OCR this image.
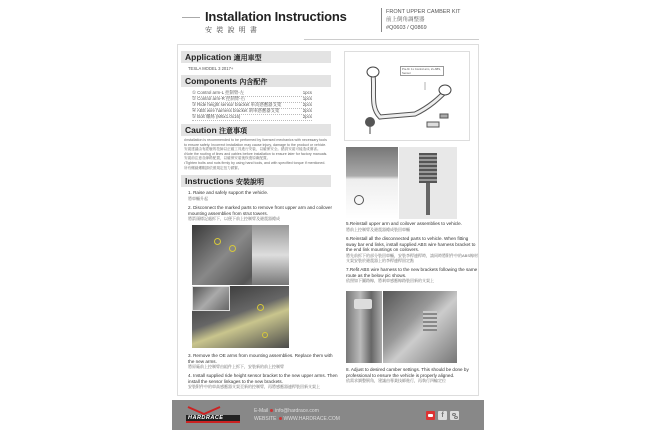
Installation Instructions
安 裝 說 明 書
FRONT UPPER CAMBER KIT
前上倒角調整器
#Q0603 / Q0869
Application 適用車型
TESLA MODEL 3 2017+
Components 內含配件
① Control arm-L 控制臂-左	1pcs
② Control arm-R 控制臂-右	1pcs
③ Ride height sensor bracket 車高感應器支架	2pcs
④ ABS wire harness bracket 剎車感應器支架	2pcs
⑤ Bolt 螺絲 (M6x1.0x16)	2pcs
Caution 注意事項
•Installation is recommended to be performed by licensed mechanics with necessary tools
to ensure safety. Incorrect installation may cause injury, damage to the product or vehicle.
安裝建議由有經驗的技師以正確工具進行安裝，以確保安全。錯誤安裝可能造成傷害。
•Note the routing of lines and cables before installation to ensure later for factory manuals.
安裝前注意各線路配置，以確保安裝後恢復原廠配置。
•Tighten bolts and nuts firmly by using hand tools, and with specified torque if mentioned.
所有螺絲螺帽請依照規定扭力鎖緊。
Instructions 安裝說明
1. Raise and safely support the vehicle.
將車輛升起
2. Disconnect the marked parts to remove front upper arm and coilover mounting assemblies from strut towers.
將箭頭標記處拆下，以便下前上控制臂及避震器總成
3. Remove the OE arms from mounting assemblies. Replace them with the new arms.
將原廠前上控制臂由組件上拆下，安裝新的前上控制臂
4. Install supplied ride height sensor bracket to the new upper arms. Then install the sensor linkages to the new brackets.
安裝附件中的車高感應器支架至新的控制臂，再將感應器連桿裝回新支架上
Pre-fit: 1x Control arm, 2x ABS, Sensor
5.Reinstall upper arm and coilover assemblies to vehicle.
將前上控制臂及避震器總成裝回車輛
6.Reinstall all the disconnected parts to vehicle. When fitting sway bar end links, install supplied ABS wire harness bracket to the end link mountings on coilovers.
將先前拆下的部分裝回車輛，安裝李桿連桿時，請同時將附件中的ABS線材支架安裝於避震器上的李桿連桿固定點
7.Refit ABS wire harness to the new brackets following the same route as the below pic shows.
依照如下圖路線，將剎車感應線路裝回新的支架上
8. Adjust to desired camber settings. This should be done by professional to ensure the vehicle is properly aligned.
依需求調整倒角，建議由專業技師進行，再執行四輪定位
HARDRACE
E-Mail info@hardrace.com
WEBSITE WWW.HARDRACE.COM	f
